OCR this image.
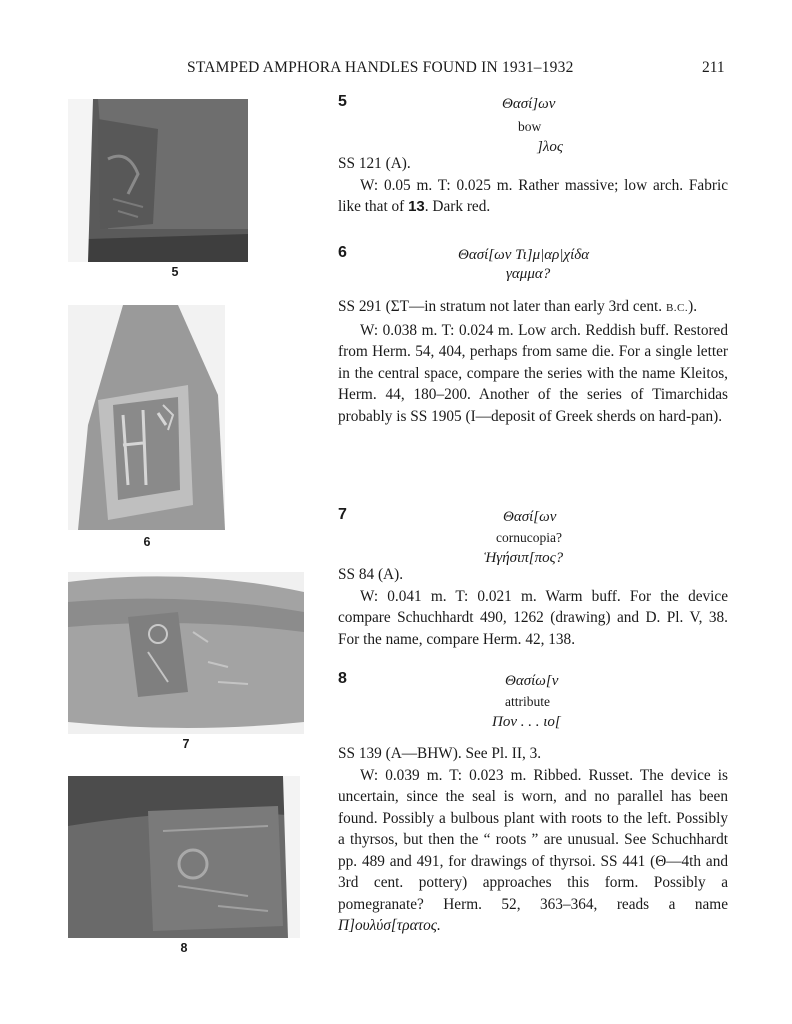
STAMPED AMPHORA HANDLES FOUND IN 1931–1932	211
5
6
7
8
5	Θασί]ων
bow
]λος

SS 121 (A).

W: 0.05 m. T: 0.025 m. Rather massive; low arch. Fabric like that of 13. Dark red.

6	Θασί[ων Τι]μ|αρ|χίδα
γαμμα?

SS 291 (ΣT—in stratum not later than early 3rd cent. B.C.).

W: 0.038 m. T: 0.024 m. Low arch. Reddish buff. Restored from Herm. 54, 404, perhaps from same die. For a single letter in the central space, compare the series with the name Kleitos, Herm. 44, 180–200. Another of the series of Timarchidas probably is SS 1905 (I—deposit of Greek sherds on hard-pan).

7	Θασί[ων
cornucopia?
Ἡγήσιπ[πος?

SS 84 (A).

W: 0.041 m. T: 0.021 m. Warm buff. For the device compare Schuchhardt 490, 1262 (drawing) and D. Pl. V, 38. For the name, compare Herm. 42, 138.

8	Θασίω[ν
attribute
Πον . . . ιο[

SS 139 (A—BHW). See Pl. II, 3.

W: 0.039 m. T: 0.023 m. Ribbed. Russet. The device is uncertain, since the seal is worn, and no parallel has been found. Possibly a bulbous plant with roots to the left. Possibly a thyrsos, but then the “ roots ” are unusual. See Schuchhardt pp. 489 and 491, for drawings of thyrsoi. SS 441 (Θ—4th and 3rd cent. pottery) approaches this form. Possibly a pomegranate? Herm. 52, 363–364, reads a name Π]ουλύσ[τρατος.
